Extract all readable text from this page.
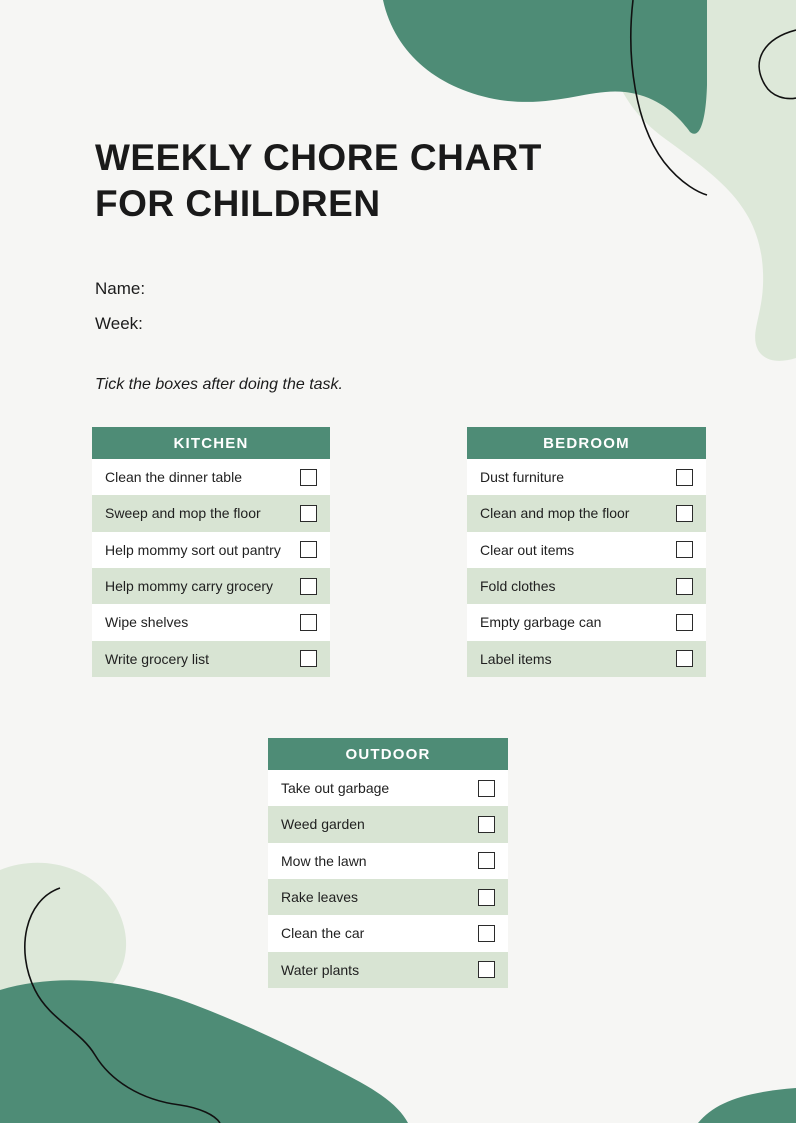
WEEKLY CHORE CHART
FOR CHILDREN
Name:
Week:
Tick the boxes after doing the task.
KITCHEN
Clean the dinner table
Sweep and mop the floor
Help mommy sort out pantry
Help mommy carry grocery
Wipe shelves
Write grocery list
BEDROOM
Dust furniture
Clean and mop the floor
Clear out items
Fold clothes
Empty garbage can
Label items
OUTDOOR
Take out garbage
Weed garden
Mow the lawn
Rake leaves
Clean the car
Water plants
